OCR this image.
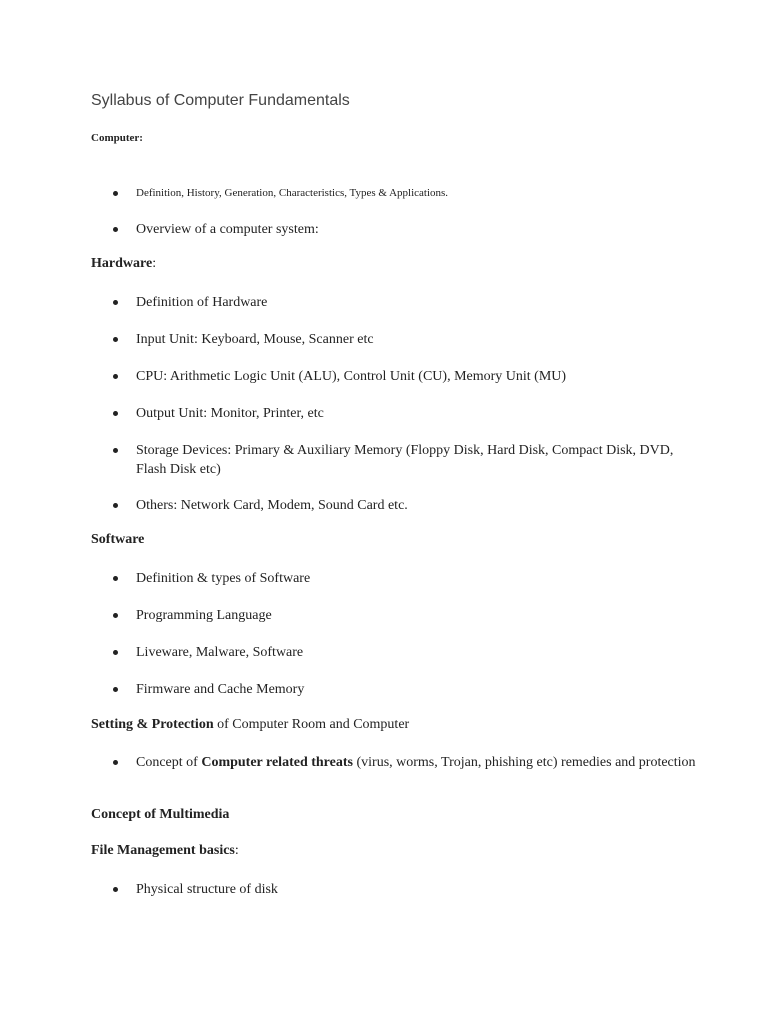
Syllabus of Computer Fundamentals
Computer:
Definition, History, Generation, Characteristics, Types & Applications.
Overview of a computer system:
Hardware:
Definition of Hardware
Input Unit: Keyboard, Mouse, Scanner etc
CPU: Arithmetic Logic Unit (ALU), Control Unit (CU), Memory Unit (MU)
Output Unit: Monitor, Printer, etc
Storage Devices: Primary & Auxiliary Memory (Floppy Disk, Hard Disk, Compact Disk, DVD, Flash Disk etc)
Others: Network Card, Modem, Sound Card etc.
Software
Definition & types of Software
Programming Language
Liveware, Malware, Software
Firmware and Cache Memory
Setting & Protection of Computer Room and Computer
Concept of Computer related threats (virus, worms, Trojan, phishing etc) remedies and protection
Concept of Multimedia
File Management basics:
Physical structure of disk
